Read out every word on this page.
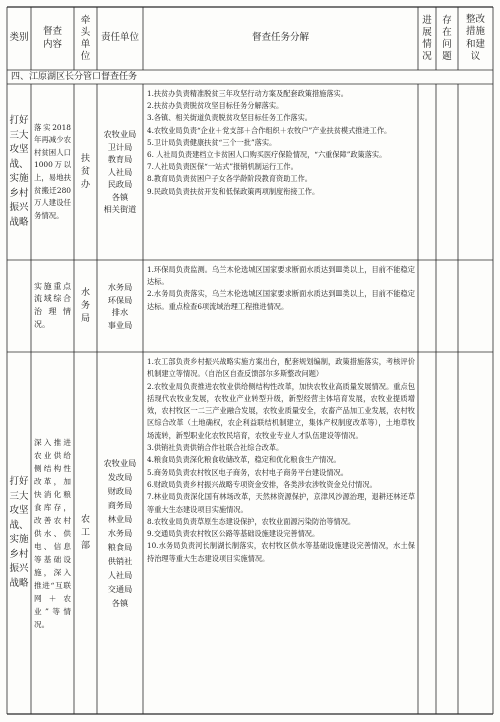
类别
督查内容
牵头单位
责任单位	督查任务分解
进展情况
存在问题
整改措施和建议
四、江原湖区长分管口督查任务
打好三大攻坚战、实施乡村振兴战略
落实2018年再减少农村贫困人口1000万以上，易地扶贫搬迁280万人建设任务情况。
扶贫办
农牧业局
卫计局
教育局
人社局
民政局
各镇
相关街道

1.扶贫办负责精准脱贫三年攻坚行动方案及配套政策措施落实。

2.扶贫办负责脱贫攻坚目标任务分解落实。

3.各镇、相关街道负责脱贫攻坚目标任务工作落实。

4.农牧业局负责“企业＋党支部＋合作组织＋农牧户”产业扶贫模式推进工作。

5.卫计局负责健康扶贫“三个一批”落实。

6. 人社局负责建档立卡贫困人口购买医疗保险情况，“六重保障”政策落实。

7.人社局负责医保“一站式”报销机制运行工作。

8.教育局负责贫困户子女各学龄阶段教育资助工作。

9.民政局负责扶贫开发和低保政策两项制度衔接工作。

实施重点流域综合治理情况。
水务局
水务局
环保局
排水
事业局

1.环保局负责监测。乌兰木伦选城区国家要求断面水质达到Ⅲ类以上，目前不能稳定达标。

2.水务局负责落实，乌兰木伦选城区国家要求断面水质达到Ⅲ类以上，目前不能稳定达标。重点检查6项流域治理工程推进情况。

打好三大攻坚战、实施乡村振兴战略
深入推进农业供给侧结构性改革，加快消化粮食库存，改善农村供水、供电、信息等基础设施，深入推进“互联网＋农业”等情况。
农工部
农牧业局
发改局
财政局
商务局
林业局
水务局
粮食局
供销社
人社局
交通局
各镇

1.农工部负责乡村振兴战略实施方案出台，配套规划编制，政策措施落实，考核评价机制建立等情况。（自治区自查反馈部尔多斯整改问题）

2.农牧业局负责推进农牧业供给侧结构性改革，加快农牧业高质量发展情况。重点包括现代农牧业发展，农牧业产业转型升级，新型经营主体培育发展，农牧业提质增效，农村牧区一二三产业融合发展，农牧业质量安全，农畜产品加工业发展，农村牧区综合改革（土地确权，农企利益联结机制建立，集体产权制度改革等），土地草牧场流转，新型职业化农牧民培育，农牧业专业人才队伍建设等情况。

3.供销社负责供销合作社联合社综合改革。

4.粮食局负责深化粮食收储改革，稳定和优化粮食生产情况。

5.商务局负责农村牧区电子商务，农村电子商务平台建设情况。

6.财政局负责乡村振兴战略专项资金安排，各类涉农涉牧资金兑付情况。

7.林业局负责深化国有林场改革，天然林资源保护，京津风沙源治理，退耕还林还草等重大生态建设项目实施情况。

8.农牧业局负责草原生态建设保护，农牧业面源污染防治等情况。

9.交通局负责农村牧区公路等基础设施建设完善情况。

10.水务局负责河长制湖长制落实，农村牧区供水等基础设施建设完善情况，水土保持治理等重大生态建设项目实施情况。
